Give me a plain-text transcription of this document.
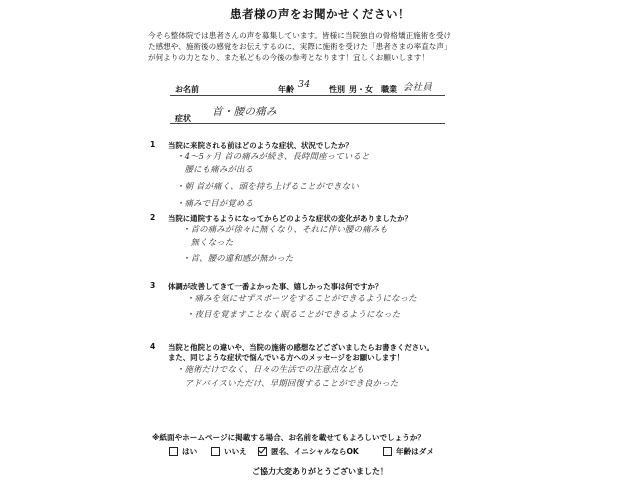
患者様の声をお聞かせください！
今そら整体院では患者さんの声を募集しています。皆様に当院独自の骨格矯正施術を受け
た感想や、施術後の感覚をお伝えするのに、実際に施術を受けた「患者さまの率直な声」
が何よりの力となり、また私どもの今後の参考となります！宜しくお願いします！
お名前	年齢 34 性別 男・女 職業 会社員
症状
首・腰の痛み
1 当院に来院される前はどのような症状、状況でしたか？
・4～5ヶ月 首の痛みが続き、長時間座っていると
　腰にも痛みが出る
・朝 首が痛く、頭を持ち上げることができない
・痛みで目が覚める
2 当院に通院するようになってからどのような症状の変化がありましたか？
・首の痛みが徐々に無くなり、それに伴い腰の痛みも
　無くなった
・首、腰の違和感が無かった
3 体調が改善してきて一番よかった事、嬉しかった事は何ですか？
・痛みを気にせずスポーツをすることができるようになった
・夜目を覚ますことなく眠ることができるようになった
4 当院と他院との違いや、当院の施術の感想などございましたらお書きください。
また、同じような症状で悩んでいる方へのメッセージをお願いします！
・施術だけでなく、日々の生活での注意点なども
　アドバイスいただけ、早期回復することができ良かった
※紙面やホームページに掲載する場合、お名前を載せてもよろしいでしょうか？
はい	いいえ	匿名、イニシャルならOK	年齢はダメ
ご協力大変ありがとうございました！
